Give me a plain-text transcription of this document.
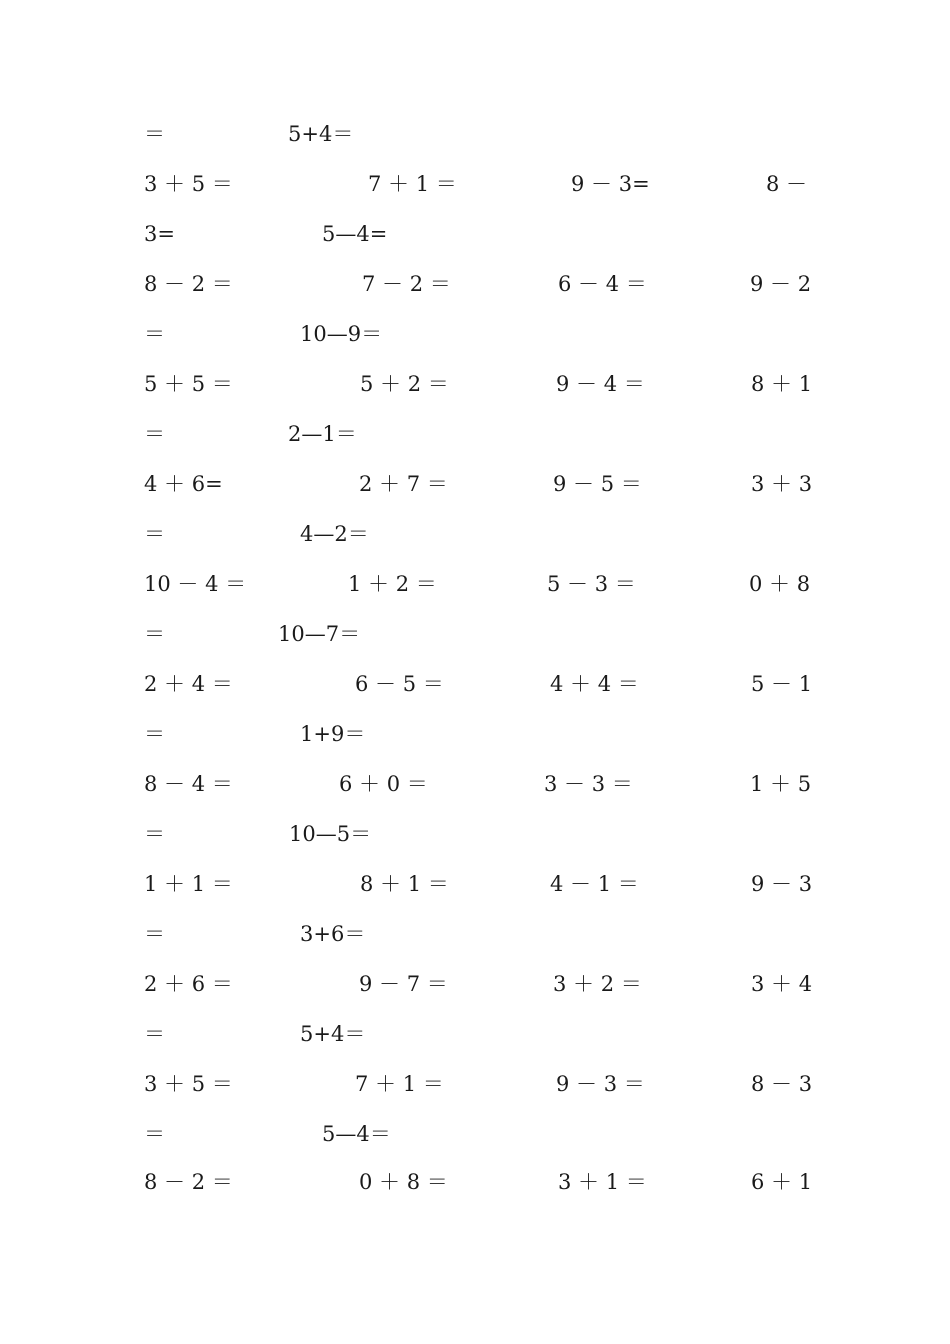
＝	5+4＝
3 ＋ 5 ＝	7 ＋ 1 ＝	9 － 3=	8 －
3=	5—4=
8 － 2 ＝	7 － 2 ＝	6 － 4 ＝	9 － 2
＝	10—9＝
5 ＋ 5 ＝	5 ＋ 2 ＝	9 － 4 ＝	8 ＋ 1
＝	2—1＝
4 ＋ 6=	2 ＋ 7 ＝	9 － 5 ＝	3 ＋ 3
＝	4—2＝
10 － 4 ＝	1 ＋ 2 ＝	5 － 3 ＝	0 ＋ 8
＝	10—7＝
2 ＋ 4 ＝	6 － 5 ＝	4 ＋ 4 ＝	5 － 1
＝	1+9＝
8 － 4 ＝	6 ＋ 0 ＝	3 － 3 ＝	1 ＋ 5
＝	10—5＝
1 ＋ 1 ＝	8 ＋ 1 ＝	4 － 1 ＝	9 － 3
＝	3+6＝
2 ＋ 6 ＝	9 － 7 ＝	3 ＋ 2 ＝	3 ＋ 4
＝	5+4＝
3 ＋ 5 ＝	7 ＋ 1 ＝	9 － 3 ＝	8 － 3
＝	5—4＝
8 － 2 ＝	0 ＋ 8 ＝	3 ＋ 1 ＝	6 ＋ 1
